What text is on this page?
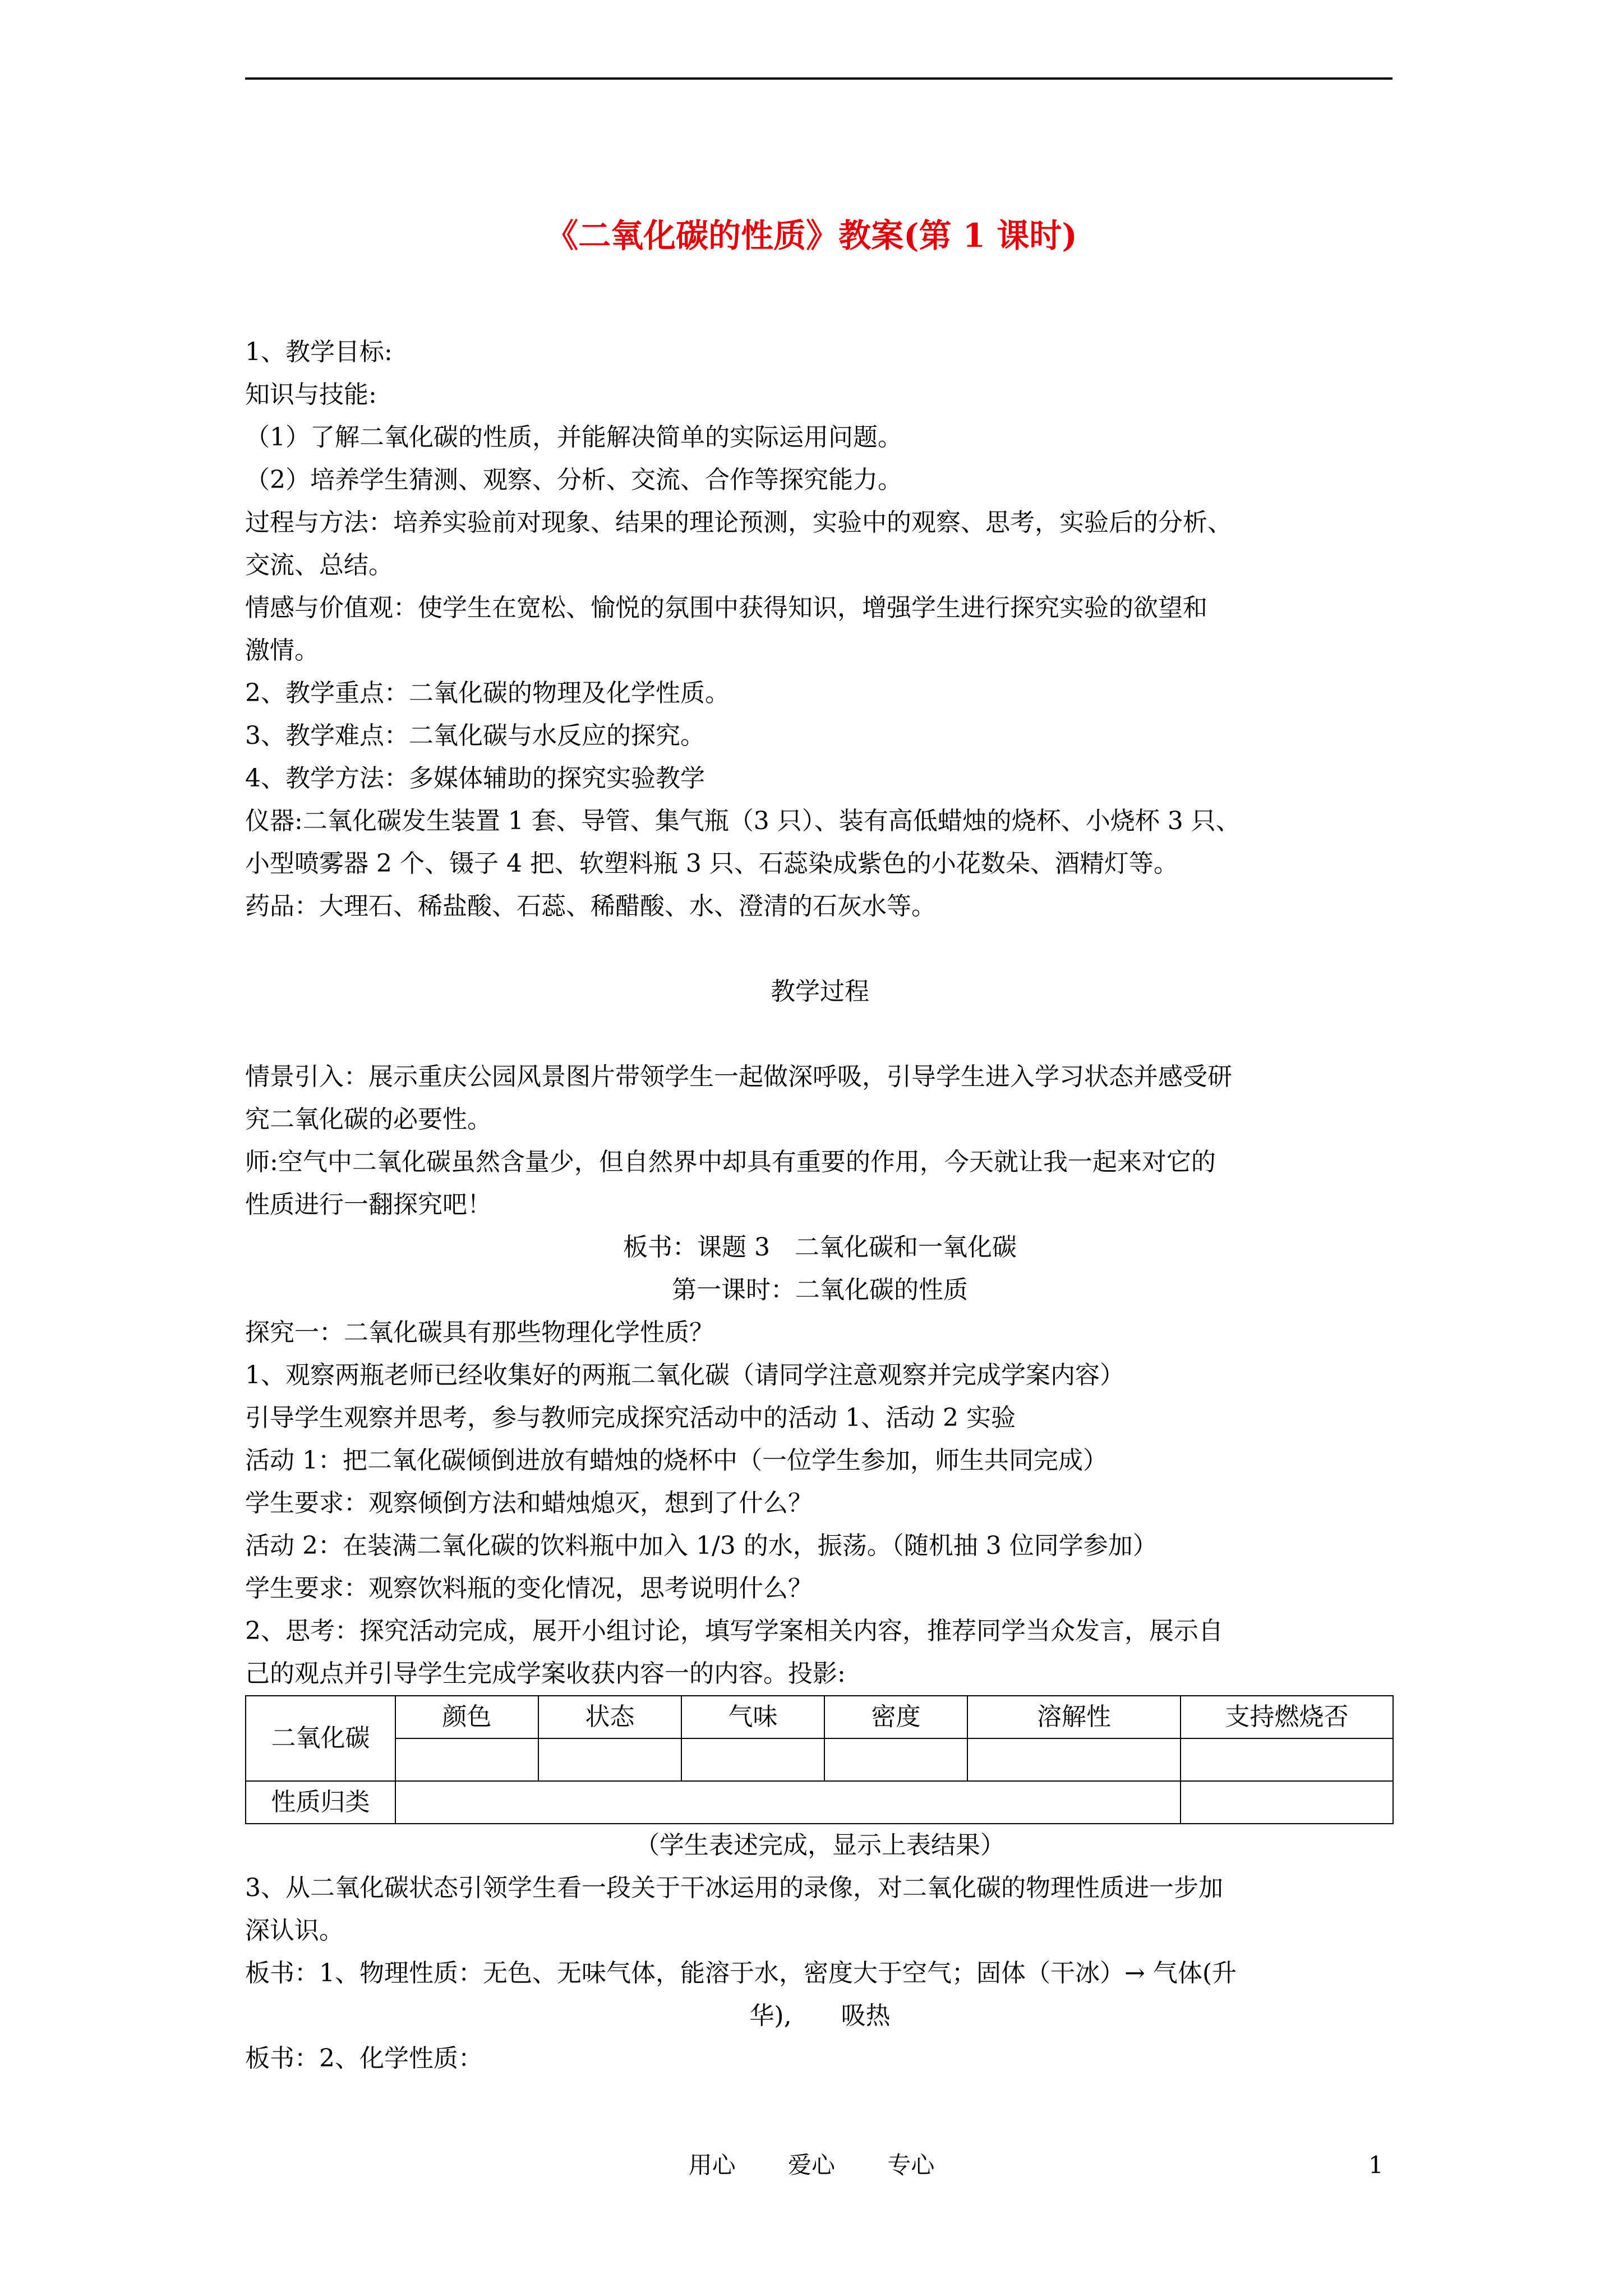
《二氧化碳的性质》教案(第 1 课时)
1、教学目标:
知识与技能:
（1）了解二氧化碳的性质，并能解决简单的实际运用问题。
（2）培养学生猜测、观察、分析、交流、合作等探究能力。
过程与方法：培养实验前对现象、结果的理论预测，实验中的观察、思考，实验后的分析、
交流、总结。
情感与价值观：使学生在宽松、愉悦的氛围中获得知识，增强学生进行探究实验的欲望和
激情。
2、教学重点：二氧化碳的物理及化学性质。
3、教学难点：二氧化碳与水反应的探究。
4、教学方法：多媒体辅助的探究实验教学
仪器:二氧化碳发生装置 1 套、导管、集气瓶（3 只）、装有高低蜡烛的烧杯、小烧杯 3 只、
小型喷雾器 2 个、镊子 4 把、软塑料瓶 3 只、石蕊染成紫色的小花数朵、酒精灯等。
药品：大理石、稀盐酸、石蕊、稀醋酸、水、澄清的石灰水等。
教学过程
情景引入：展示重庆公园风景图片带领学生一起做深呼吸，引导学生进入学习状态并感受研
究二氧化碳的必要性。
师:空气中二氧化碳虽然含量少，但自然界中却具有重要的作用，今天就让我一起来对它的
性质进行一翻探究吧！
板书：课题 3　二氧化碳和一氧化碳
第一课时：二氧化碳的性质
探究一：二氧化碳具有那些物理化学性质？
1、观察两瓶老师已经收集好的两瓶二氧化碳（请同学注意观察并完成学案内容）
引导学生观察并思考，参与教师完成探究活动中的活动 1、活动 2 实验
活动 1：把二氧化碳倾倒进放有蜡烛的烧杯中（一位学生参加，师生共同完成）
学生要求：观察倾倒方法和蜡烛熄灭，想到了什么？
活动 2：在装满二氧化碳的饮料瓶中加入 1/3 的水，振荡。（随机抽 3 位同学参加）
学生要求：观察饮料瓶的变化情况，思考说明什么？
2、思考：探究活动完成，展开小组讨论，填写学案相关内容，推荐同学当众发言，展示自
己的观点并引导学生完成学案收获内容一的内容。投影:
二氧化碳	颜色	状态	气味	密度	溶解性	支持燃烧否

性质归类						
（学生表述完成，显示上表结果）
3、从二氧化碳状态引领学生看一段关于干冰运用的录像，对二氧化碳的物理性质进一步加
深认识。
板书：1、物理性质：无色、无味气体，能溶于水，密度大于空气；固体（干冰）→ 气体(升
华),　　吸热
板书：2、化学性质：
用心 爱心 专心	1
